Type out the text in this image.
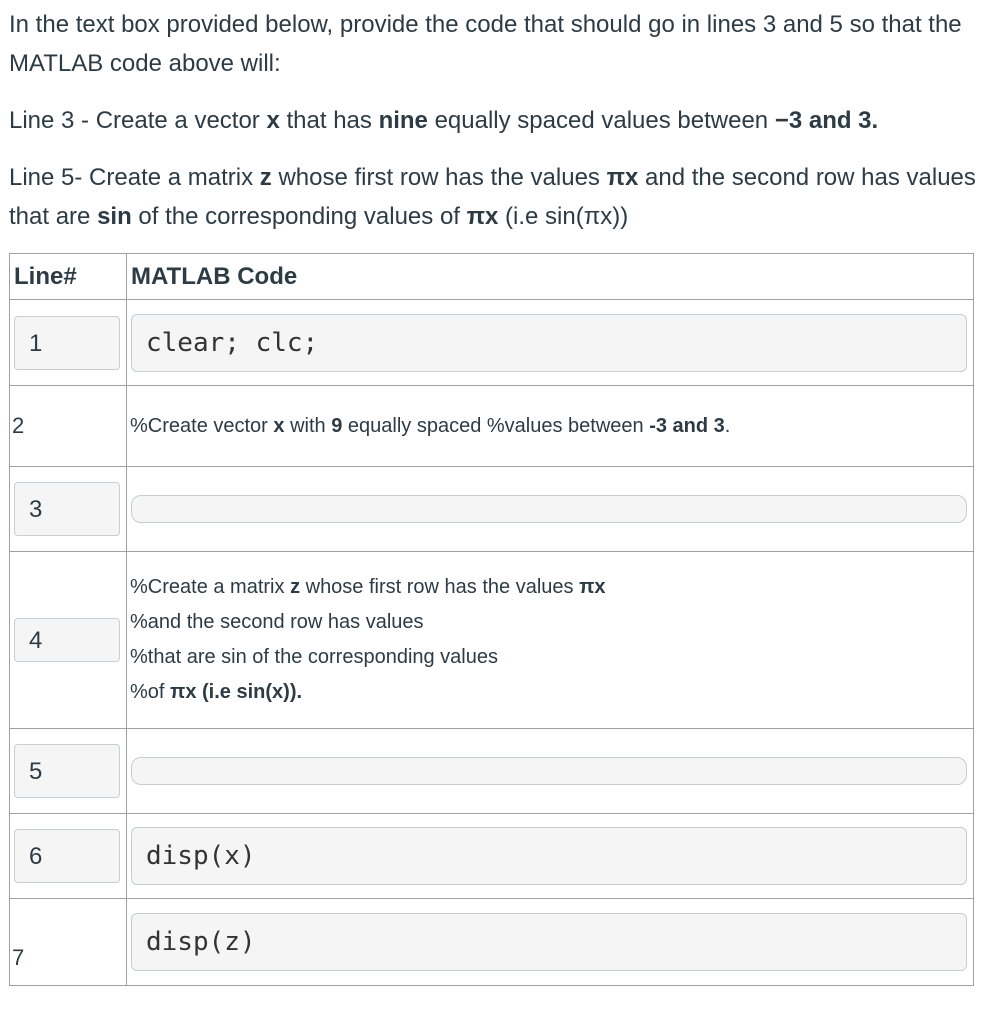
In the text box provided below, provide the code that should go in lines 3 and 5 so that the MATLAB code above will:

Line 3 - Create a vector x that has nine equally spaced values between −3 and 3.

Line 5- Create a matrix z whose first row has the values πx and the second row has values that are sin of the corresponding values of πx (i.e sin(πx))

Line#	MATLAB Code

1	clear; clc;

2	%Create vector x with 9 equally spaced %values between -3 and 3.

3	

4	%Create a matrix z whose first row has the values πx
%and the second row has values
%that are sin of the corresponding values
%of πx (i.e sin(x)).

5	

6	disp(x)

7	disp(z)
